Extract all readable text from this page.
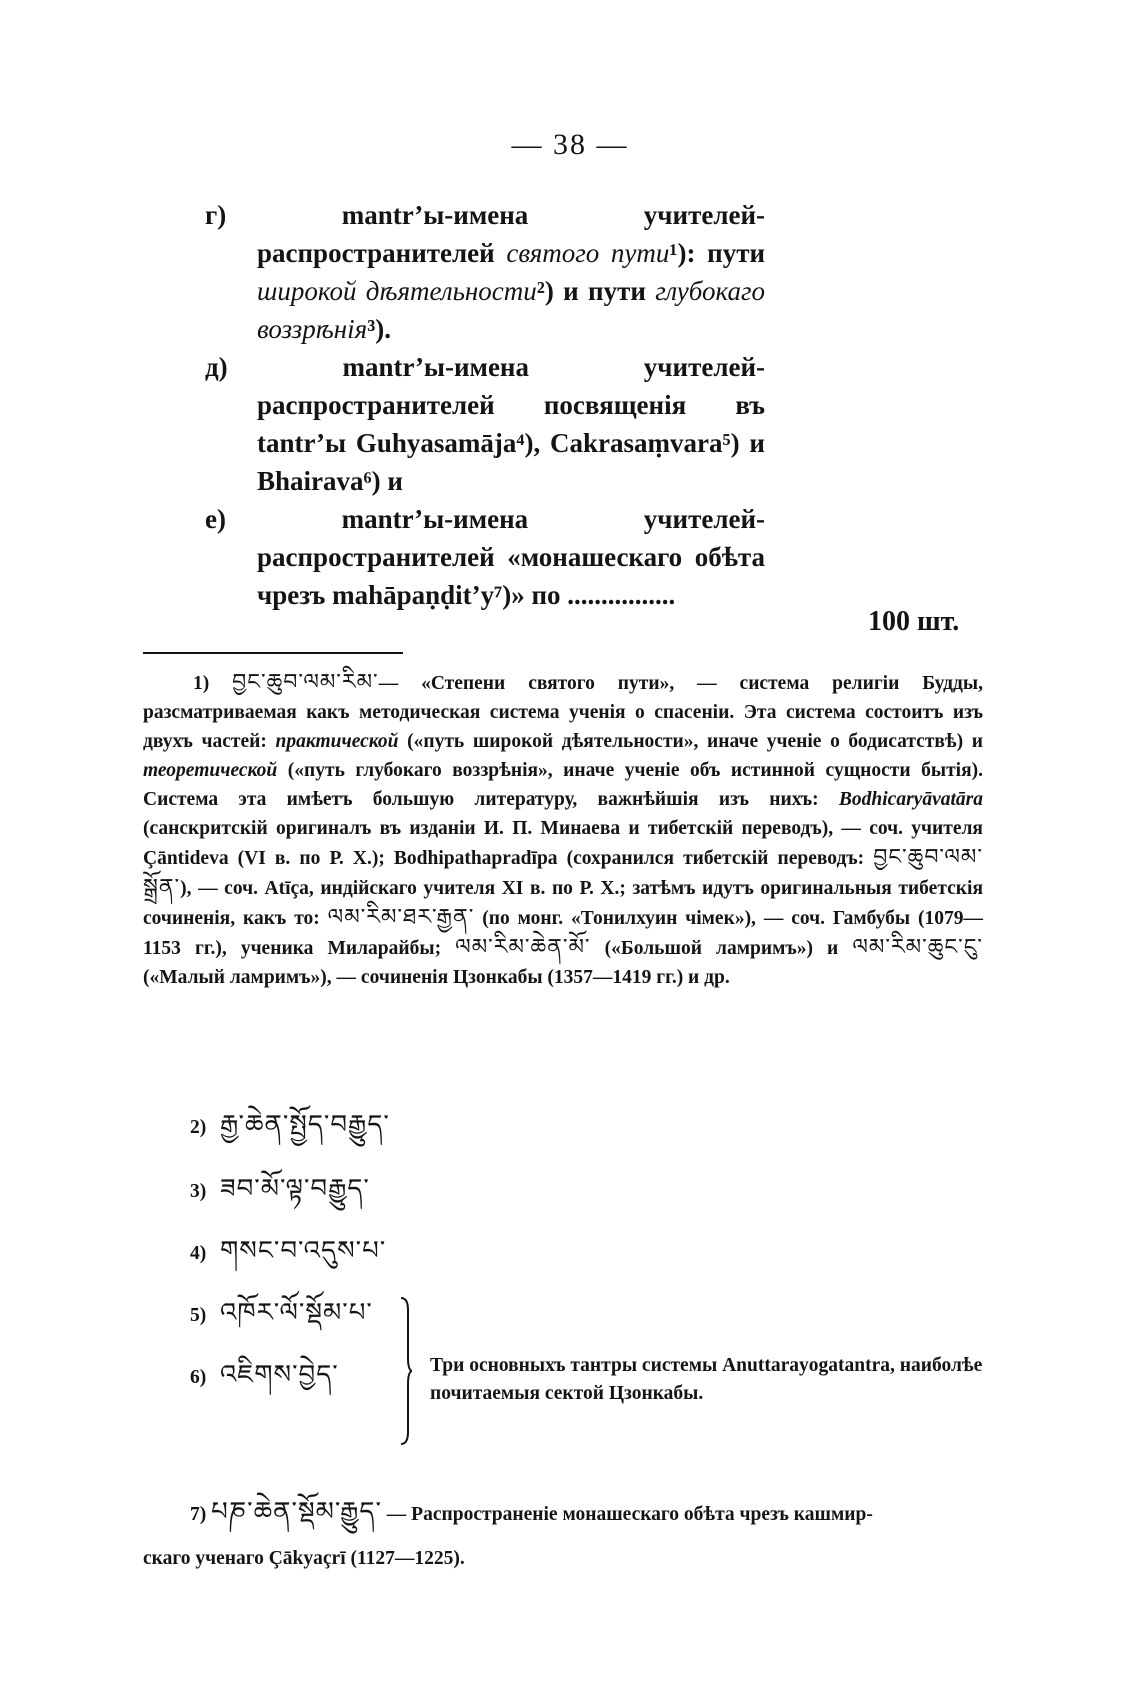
— 38 —

г)	mantr’ы-имена учителей-распространителей святого пути¹): пути широкой дѣятельности²) и пути глубокаго воззрѣнія³).

д)	mantr’ы-имена учителей-распространителей посвященія въ tantr’ы Guhyasamāja⁴), Cakrasaṃvara⁵) и Bhairava⁶) и

е)	mantr’ы-имена учителей-распространителей «монашескаго обѣта чрезъ mahāpaṇḍit’у⁷)» по ................

100 шт.

1) བྱང་ཆུབ་ལམ་རིམ་— «Степени святого пути», — система религіи Будды, разсматриваемая какъ методическая система ученія о спасеніи. Эта система состоитъ изъ двухъ частей: практической («путь широкой дѣятельности», иначе ученіе о бодисатствѣ) и теоретической («путь глубокаго воззрѣнія», иначе ученіе объ истинной сущности бытія). Система эта имѣетъ большую литературу, важнѣйшія изъ нихъ: Bodhicaryāvatāra (санскритскій оригиналъ въ изданіи И. П. Минаева и тибетскій переводъ), — соч. учителя Çāntideva (VI в. по Р. Х.); Bodhipathapradīpa (сохранился тибетскій переводъ: བྱང་ཆུབ་ལམ་སྒྲོན་), — соч. Atīça, индійскаго учителя XI в. по Р. Х.; затѣмъ идутъ оригинальныя тибетскія сочиненія, какъ то: ལམ་རིམ་ཐར་རྒྱན་ (по монг. «Тонилхуин чімек»), — соч. Гамбубы (1079—1153 гг.), ученика Миларайбы; ལམ་རིམ་ཆེན་མོ་ («Большой ламримъ») и ལམ་རིམ་ཆུང་ངུ་ («Малый ламримъ»), — сочиненія Цзонкабы (1357—1419 гг.) и др.

2) རྒྱ་ཆེན་སྤྱོད་བརྒྱུད་
3) ཟབ་མོ་ལྟ་བརྒྱུད་
4) གསང་བ་འདུས་པ་
5) འཁོར་ལོ་སྡོམ་པ་
6) འཇིགས་བྱེད་	Три основныхъ тантры системы Anuttarayogatantra, наиболѣе почитаемыя сектой Цзонкабы.

7) པཎ་ཆེན་སྡོམ་རྒྱུད་ — Распространеніе монашескаго обѣта чрезъ кашмир-

скаго ученаго Çākyaçrī (1127—1225).
